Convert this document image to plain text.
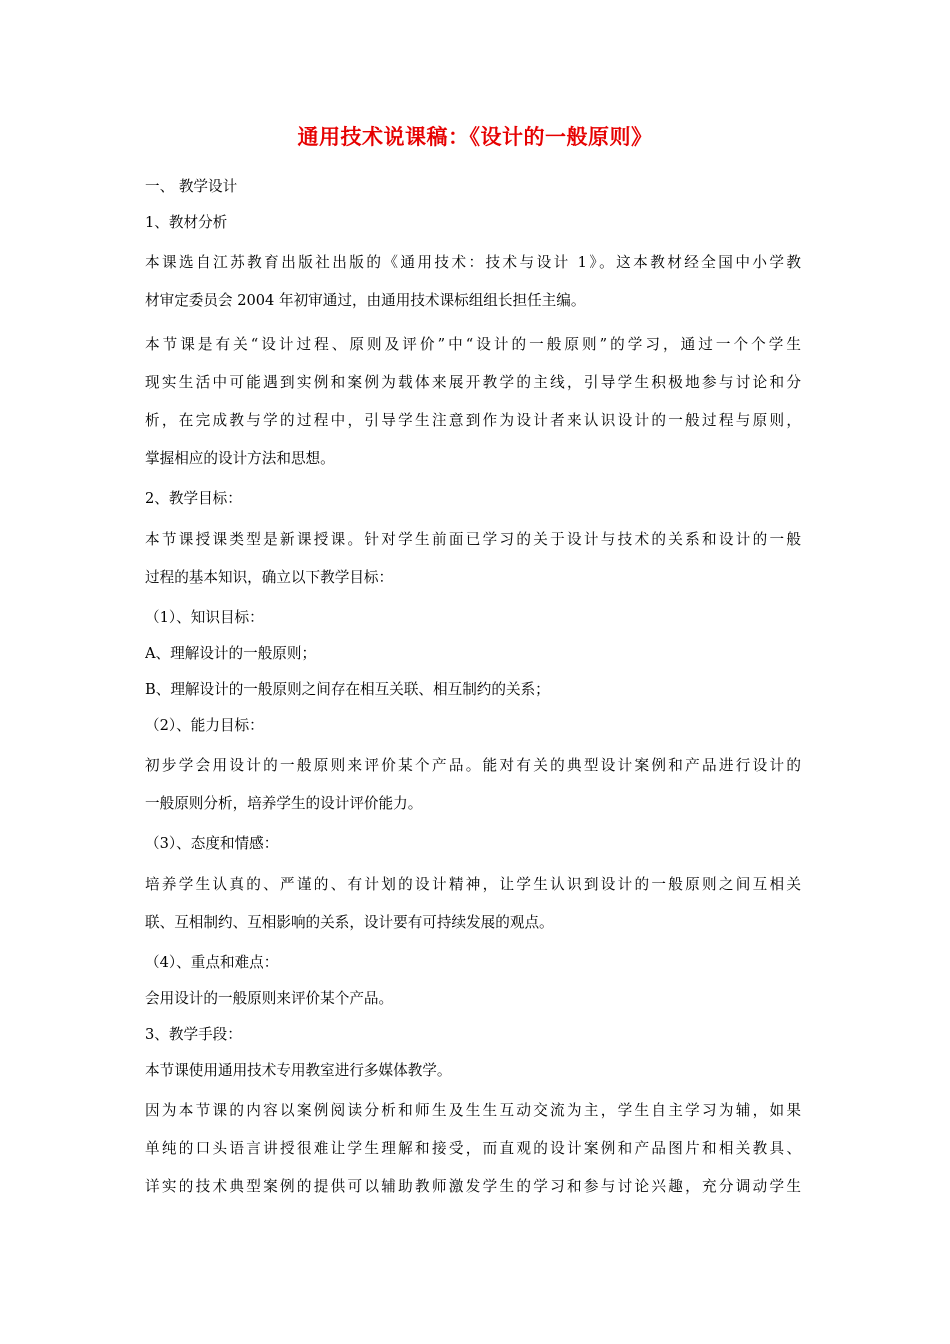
通用技术说课稿：《设计的一般原则》
一、 教学设计
1、教材分析
本课选自江苏教育出版社出版的《通用技术：技术与设计 1》。这本教材经全国中小学教
材审定委员会 2004 年初审通过，由通用技术课标组组长担任主编。
本节课是有关“设计过程、原则及评价”中“设计的一般原则”的学习，通过一个个学生
现实生活中可能遇到实例和案例为载体来展开教学的主线，引导学生积极地参与讨论和分
析，在完成教与学的过程中，引导学生注意到作为设计者来认识设计的一般过程与原则，
掌握相应的设计方法和思想。
2、教学目标：
本节课授课类型是新课授课。针对学生前面已学习的关于设计与技术的关系和设计的一般
过程的基本知识，确立以下教学目标：
（1）、知识目标：
A、理解设计的一般原则；
B、理解设计的一般原则之间存在相互关联、相互制约的关系；
（2）、能力目标：
初步学会用设计的一般原则来评价某个产品。能对有关的典型设计案例和产品进行设计的
一般原则分析，培养学生的设计评价能力。
（3）、态度和情感：
培养学生认真的、严谨的、有计划的设计精神，让学生认识到设计的一般原则之间互相关
联、互相制约、互相影响的关系，设计要有可持续发展的观点。
（4）、重点和难点：
会用设计的一般原则来评价某个产品。
3、教学手段：
本节课使用通用技术专用教室进行多媒体教学。
因为本节课的内容以案例阅读分析和师生及生生互动交流为主，学生自主学习为辅，如果
单纯的口头语言讲授很难让学生理解和接受，而直观的设计案例和产品图片和相关教具、
详实的技术典型案例的提供可以辅助教师激发学生的学习和参与讨论兴趣，充分调动学生
